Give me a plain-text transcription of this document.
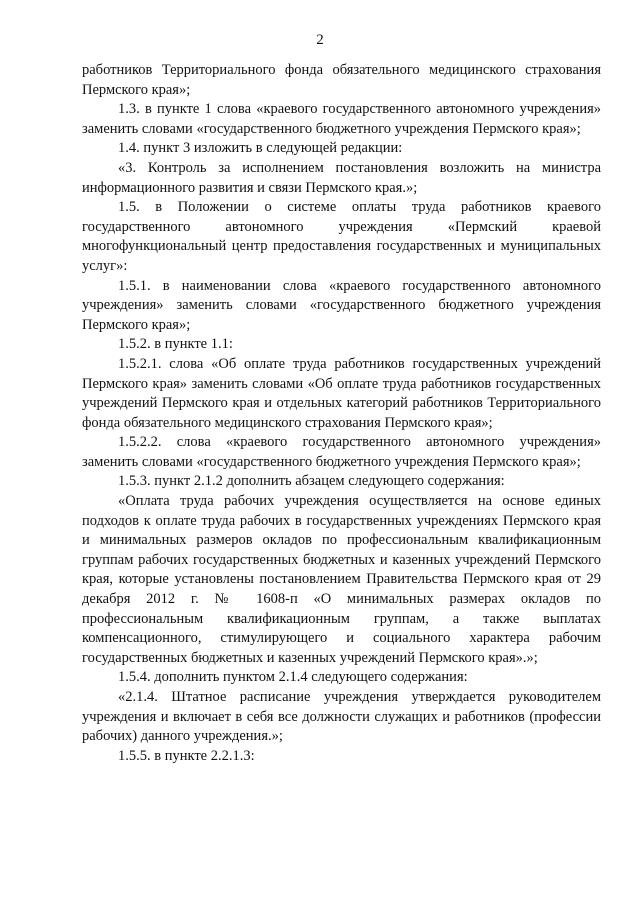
2

работников Территориального фонда обязательного медицинского страхования Пермского края»;

1.3. в пункте 1 слова «краевого государственного автономного учреждения» заменить словами «государственного бюджетного учреждения Пермского края»;

1.4. пункт 3 изложить в следующей редакции:

«3. Контроль за исполнением постановления возложить на министра информационного развития и связи Пермского края.»;

1.5. в Положении о системе оплаты труда работников краевого государственного автономного учреждения «Пермский краевой многофункциональный центр предоставления государственных и муниципальных услуг»:

1.5.1. в наименовании слова «краевого государственного автономного учреждения» заменить словами «государственного бюджетного учреждения Пермского края»;

1.5.2. в пункте 1.1:

1.5.2.1. слова «Об оплате труда работников государственных учреждений Пермского края» заменить словами «Об оплате труда работников государственных учреждений Пермского края и отдельных категорий работников Территориального фонда обязательного медицинского страхования Пермского края»;

1.5.2.2. слова «краевого государственного автономного учреждения» заменить словами «государственного бюджетного учреждения Пермского края»;

1.5.3. пункт 2.1.2 дополнить абзацем следующего содержания:

«Оплата труда рабочих учреждения осуществляется на основе единых подходов к оплате труда рабочих в государственных учреждениях Пермского края и минимальных размеров окладов по профессиональным квалификационным группам рабочих государственных бюджетных и казенных учреждений Пермского края, которые установлены постановлением Правительства Пермского края от 29 декабря 2012 г. № 1608-п «О минимальных размерах окладов по профессиональным квалификационным группам, а также выплатах компенсационного, стимулирующего и социального характера рабочим государственных бюджетных и казенных учреждений Пермского края».»;

1.5.4. дополнить пунктом 2.1.4 следующего содержания:

«2.1.4. Штатное расписание учреждения утверждается руководителем учреждения и включает в себя все должности служащих и работников (профессии рабочих) данного учреждения.»;

1.5.5. в пункте 2.2.1.3:
